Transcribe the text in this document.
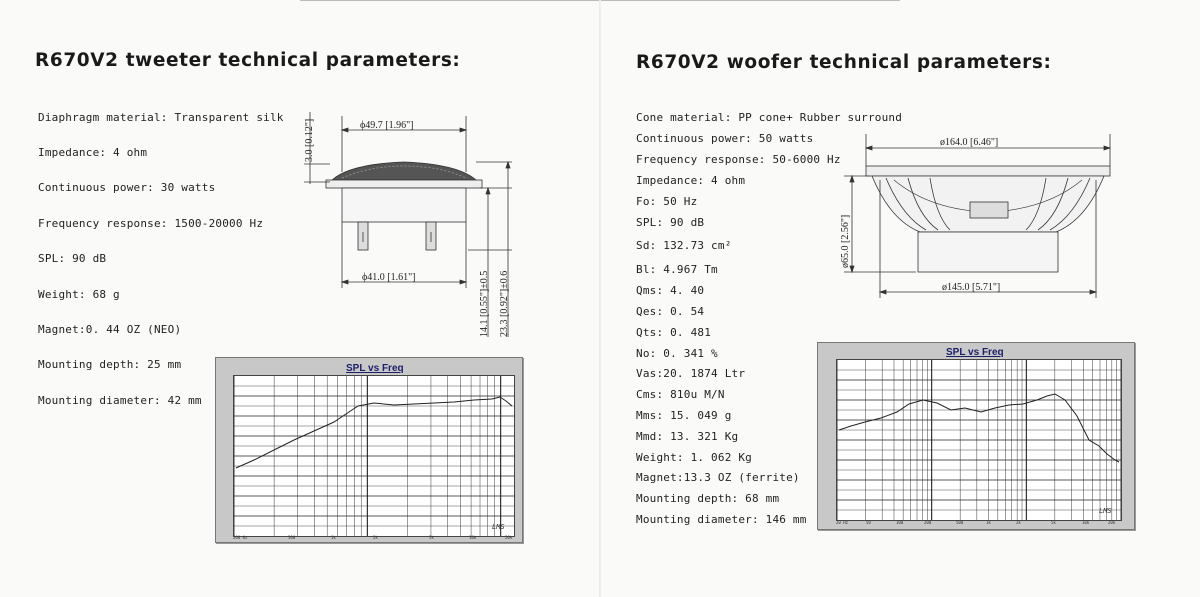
R670V2 tweeter technical parameters:
Diaphragm material: Transparent silk
Impedance: 4 ohm
Continuous power: 30 watts
Frequency response: 1500-20000 Hz
SPL: 90 dB
Weight: 68 g
Magnet:0. 44 OZ (NEO)
Mounting depth: 25 mm
Mounting diameter: 42 mm
ϕ49.7 [1.96"]
ϕ41.0 [1.61"]
3.0 [0.12"]
14.1 [0.55"]±0.5 23.3 [0.92"]±0.6
SPL vs Freq
LMS
200 Hz	500	1k	2k	5k	10k	20k
R670V2 woofer technical parameters:
Cone material: PP cone+ Rubber surround
Continuous power: 50 watts
Frequency response: 50-6000 Hz
Impedance: 4 ohm
Fo: 50 Hz
SPL: 90 dB
Sd: 132.73 cm²
Bl: 4.967 Tm
Qms: 4. 40
Qes: 0. 54
Qts: 0. 481
No: 0. 341 %
Vas:20. 1874 Ltr
Cms: 810u M/N
Mms: 15. 049 g
Mmd: 13. 321 Kg
Weight: 1. 062 Kg
Magnet:13.3 OZ (ferrite)
Mounting depth: 68 mm
Mounting diameter: 146 mm
ø164.0 [6.46"]
ø145.0 [5.71"]
ø65.0 [2.56"]
SPL vs Freq
LMS
20 Hz	50	100	200	500	1k	2k	5k	10k	20k
